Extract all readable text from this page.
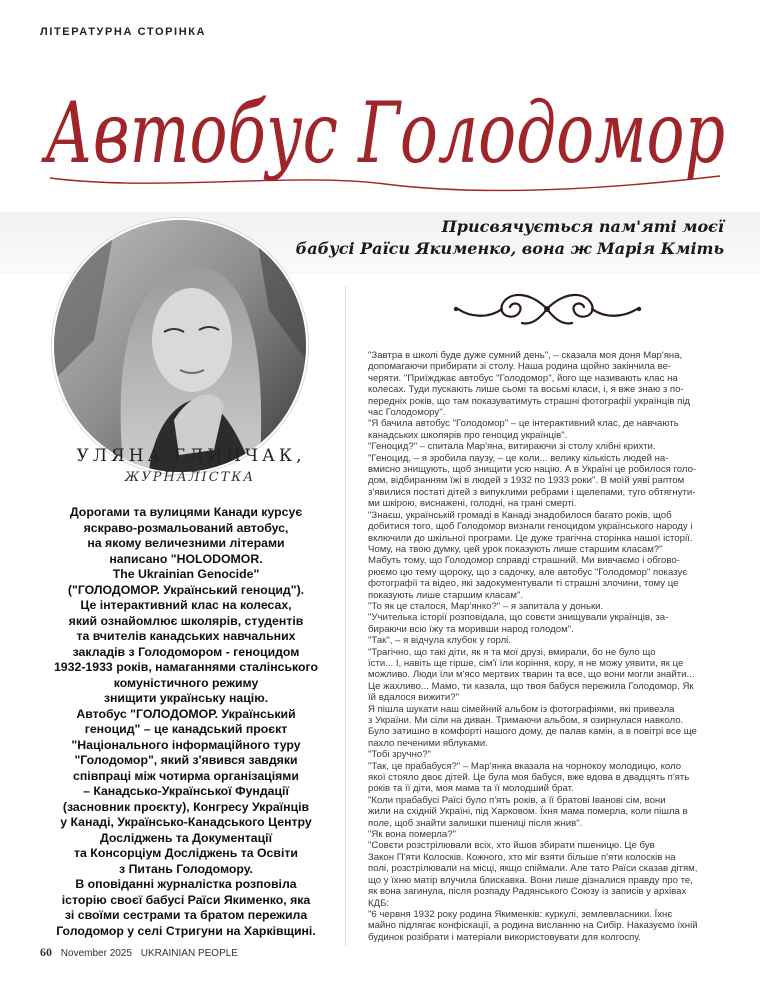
ЛІТЕРАТУРНА СТОРІНКА
Автобус Голодомор
Присвячується пам'яті моєї
бабусі Раїси Якименко, вона ж Марія Кміть
УЛЯНА ГЛИНЧАК,
ЖУРНАЛІСТКА
Дорогами та вулицями Канади курсує
яскраво-розмальований автобус,
на якому величезними літерами
написано "HOLODOMOR.
The Ukrainian Genocide"
("ГОЛОДОМОР. Український геноцид").
Це інтерактивний клас на колесах,
який ознайомлює школярів, студентів
та вчителів канадських навчальних
закладів з Голодомором - геноцидом
1932-1933 років, намаганнями сталінського
комуністичного режиму
знищити українську націю.
Автобус "ГОЛОДОМОР. Український
геноцид" – це канадський проєкт
"Національного інформаційного туру
"Голодомор", який з'явився завдяки
співпраці між чотирма організаціями
– Канадсько-Української Фундації
(засновник проєкту), Конгресу Українців
у Канаді, Українсько-Канадського Центру
Досліджень та Документації
та Консорціум Досліджень та Освіти
з Питань Голодомору.
В оповіданні журналістка розповіла
історію своєї бабусі Раїси Якименко, яка
зі своїми сестрами та братом пережила
Голодомор у селі Стригуни на Харківщині.
"Завтра в школі буде дуже сумний день", – сказала моя доня Мар'яна,
допомагаючи прибирати зі столу. Наша родина щойно закінчила ве-
черяти. "Приїжджає автобус "Голодомор", його ще називають клас на
колесах. Туди пускають лише сьомі та восьмі класи, і, я вже знаю з по-
передніх років, що там показуватимуть страшні фотографії українців під
час Голодомору".
"Я бачила автобус "Голодомор" – це інтерактивний клас, де навчають
канадських школярів про геноцид українців".
"Геноцид?" – спитала Мар'яна, витираючи зі столу хлібні крихти.
"Геноцид, – я зробила паузу, – це коли... велику кількість людей на-
вмисно знищують, щоб знищити усю націю. А в Україні це робилося голо-
дом, відбиранням їжі в людей з 1932 по 1933 роки". В моїй уяві раптом
з'явилися постаті дітей з випуклими ребрами і щелепами, туго обтягнути-
ми шкірою, виснажені, голодні, на грані смерті.
"Знаєш, українській громаді в Канаді знадобилося багато років, щоб
добитися того, щоб Голодомор визнали геноцидом українського народу і
включили до шкільної програми. Це дуже трагічна сторінка нашої історії.
Чому, на твою думку, цей урок показують лише старшим класам?"
Мабуть тому, що Голодомор справді страшний. Ми вивчаємо і обгово-
рюємо цю тему щороку, що з садочку, але автобус "Голодомор" показує
фотографії та відео, які задокументували ті страшні злочини, тому це
показують лише старшим класам".
"То як це сталося, Мар'янко?" – я запитала у доньки.
"Учителька історії розповідала, що совєти знищували українців, за-
бираючи всю їжу та моривши народ голодом".
"Так", – я відчула клубок у горлі.
"Трагічно, що такі діти, як я та мої друзі, вмирали, бо не було що
їсти... І, навіть ще гірше, сім'ї їли коріння, кору, я не можу уявити, як це
можливо. Люди їли м'ясо мертвих тварин та все, що вони могли знайти...
Це жахливо... Мамо, ти казала, що твоя бабуся пережила Голодомор. Як
їй вдалося вижити?"
Я пішла шукати наш сімейний альбом із фотографіями, які привезла
з України. Ми сіли на диван. Тримаючи альбом, я озирнулася навколо.
Було затишно в комфорті нашого дому, де палав камін, а в повітрі все ще
пахло печеними яблуками.
"Тобі зручно?"
"Так, це прабабуся?" – Мар'янка вказала на чорнокоу молодицю, коло
якої стояло двоє дітей. Це була моя бабуся, вже вдова в двадцять п'ять
років та її діти, моя мама та її молодший брат.
"Коли прабабусі Раїсі було п'ять років, а її братові Іванові сім, вони
жили на східній Україні, під Харковом. Їхня мама померла, коли пішла в
поле, щоб знайти залишки пшениці після жнив".
"Як вона померла?"
"Совєти розстрілювали всіх, хто йшов збирати пшеницю. Це був
Закон П'яти Колосків. Кожного, хто міг взяти більше п'яти колосків на
полі, розстрілювали на місці, якщо спіймали. Але тато Раїси сказав дітям,
що у їхню матір влучила блискавка. Вони лише дізналися правду про те,
як вона загинула, після розпаду Радянського Союзу із записів у архівах
КДБ:
"6 червня 1932 року родина Якименків: куркулі, землевласники. Їхнє
майно підлягає конфіскації, а родина висланню на Сибір. Наказуємо їхній
будинок розібрати і матеріали використовувати для колгоспу.
60 November 2025 UKRAINIAN PEOPLE
